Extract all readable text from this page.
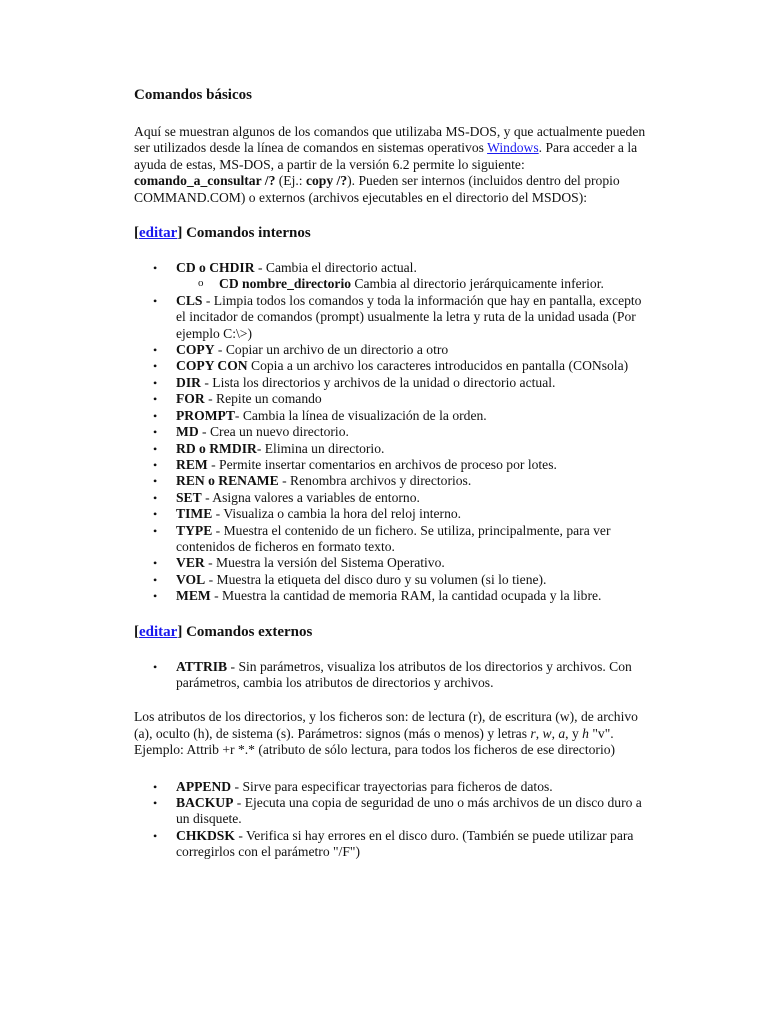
Comandos básicos

Aquí se muestran algunos de los comandos que utilizaba MS-DOS, y que actualmente pueden ser utilizados desde la línea de comandos en sistemas operativos Windows. Para acceder a la ayuda de estas, MS-DOS, a partir de la versión 6.2 permite lo siguiente: comando_a_consultar /? (Ej.: copy /?). Pueden ser internos (incluidos dentro del propio COMMAND.COM) o externos (archivos ejecutables en el directorio del MSDOS):

[editar] Comandos internos
• CD o CHDIR - Cambia el directorio actual.
o CD nombre_directorio Cambia al directorio jerárquicamente inferior.
• CLS - Limpia todos los comandos y toda la información que hay en pantalla, excepto el incitador de comandos (prompt) usualmente la letra y ruta de la unidad usada (Por ejemplo C:\>)
• COPY - Copiar un archivo de un directorio a otro
• COPY CON Copia a un archivo los caracteres introducidos en pantalla (CONsola)
• DIR - Lista los directorios y archivos de la unidad o directorio actual.
• FOR - Repite un comando
• PROMPT- Cambia la línea de visualización de la orden.
• MD - Crea un nuevo directorio.
• RD o RMDIR- Elimina un directorio.
• REM - Permite insertar comentarios en archivos de proceso por lotes.
• REN o RENAME - Renombra archivos y directorios.
• SET - Asigna valores a variables de entorno.
• TIME - Visualiza o cambia la hora del reloj interno.
• TYPE - Muestra el contenido de un fichero. Se utiliza, principalmente, para ver contenidos de ficheros en formato texto.
• VER - Muestra la versión del Sistema Operativo.
• VOL - Muestra la etiqueta del disco duro y su volumen (si lo tiene).
• MEM - Muestra la cantidad de memoria RAM, la cantidad ocupada y la libre.
[editar] Comandos externos
• ATTRIB - Sin parámetros, visualiza los atributos de los directorios y archivos. Con parámetros, cambia los atributos de directorios y archivos.

Los atributos de los directorios, y los ficheros son: de lectura (r), de escritura (w), de archivo (a), oculto (h), de sistema (s). Parámetros: signos (más o menos) y letras r, w, a, y h "v". Ejemplo: Attrib +r *.* (atributo de sólo lectura, para todos los ficheros de ese directorio)

• APPEND - Sirve para especificar trayectorias para ficheros de datos.
• BACKUP - Ejecuta una copia de seguridad de uno o más archivos de un disco duro a un disquete.
• CHKDSK - Verifica si hay errores en el disco duro. (También se puede utilizar para corregirlos con el parámetro "/F")
